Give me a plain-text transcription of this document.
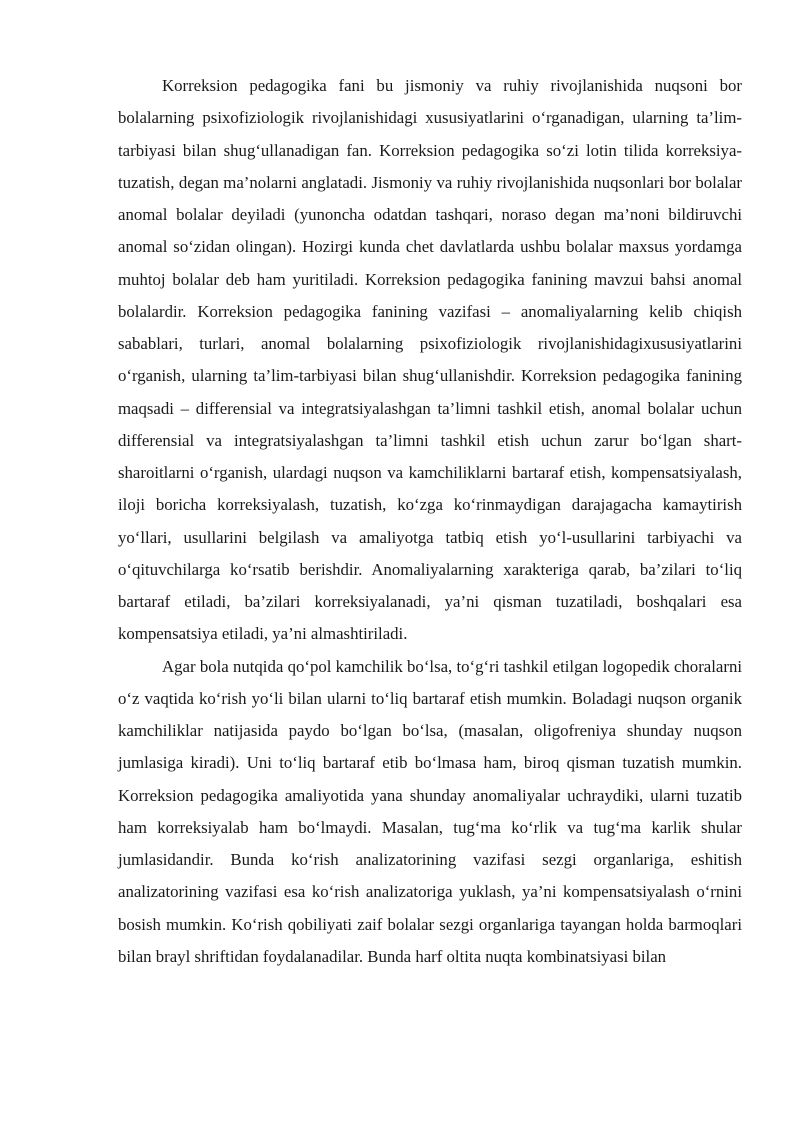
Korreksion pedagogika fani bu jismoniy va ruhiy rivojlanishida nuqsoni bor bolalarning psixofiziologik rivojlanishidagi xususiyatlarini o‘rganadigan, ularning ta’lim-tarbiyasi bilan shug‘ullanadigan fan. Korreksion pedagogika so‘zi lotin tilida korreksiya-tuzatish, degan ma’nolarni anglatadi. Jismoniy va ruhiy rivojlanishida nuqsonlari bor bolalar anomal bolalar deyiladi (yunoncha odatdan tashqari, noraso degan ma’noni bildiruvchi anomal so‘zidan olingan). Hozirgi kunda chet davlatlarda ushbu bolalar maxsus yordamga muhtoj bolalar deb ham yuritiladi. Korreksion pedagogika fanining mavzui bahsi anomal bolalardir. Korreksion pedagogika fanining vazifasi – anomaliyalarning kelib chiqish sabablari, turlari, anomal bolalarning psixofiziologik rivojlanishidagixususiyatlarini o‘rganish, ularning ta’lim-tarbiyasi bilan shug‘ullanishdir. Korreksion pedagogika fanining maqsadi – differensial va integratsiyalashgan ta’limni tashkil etish, anomal bolalar uchun differensial va integratsiyalashgan ta’limni tashkil etish uchun zarur bo‘lgan shart-sharoitlarni o‘rganish, ulardagi nuqson va kamchiliklarni bartaraf etish, kompensatsiyalash, iloji boricha korreksiyalash, tuzatish, ko‘zga ko‘rinmaydigan darajagacha kamaytirish yo‘llari, usullarini belgilash va amaliyotga tatbiq etish yo‘l-usullarini tarbiyachi va o‘qituvchilarga ko‘rsatib berishdir. Anomaliyalarning xarakteriga qarab, ba’zilari to‘liq bartaraf etiladi, ba’zilari korreksiyalanadi, ya’ni qisman tuzatiladi, boshqalari esa kompensatsiya etiladi, ya’ni almashtiriladi.

Agar bola nutqida qo‘pol kamchilik bo‘lsa, to‘g‘ri tashkil etilgan logopedik choralarni o‘z vaqtida ko‘rish yo‘li bilan ularni to‘liq bartaraf etish mumkin. Boladagi nuqson organik kamchiliklar natijasida paydo bo‘lgan bo‘lsa, (masalan, oligofreniya shunday nuqson jumlasiga kiradi). Uni to‘liq bartaraf etib bo‘lmasa ham, biroq qisman tuzatish mumkin. Korreksion pedagogika amaliyotida yana shunday anomaliyalar uchraydiki, ularni tuzatib ham korreksiyalab ham bo‘lmaydi. Masalan, tug‘ma ko‘rlik va tug‘ma karlik shular jumlasidandir. Bunda ko‘rish analizatorining vazifasi sezgi organlariga, eshitish analizatorining vazifasi esa ko‘rish analizatoriga yuklash, ya’ni kompensatsiyalash o‘rnini bosish mumkin. Ko‘rish qobiliyati zaif bolalar sezgi organlariga tayangan holda barmoqlari bilan brayl shriftidan foydalanadilar. Bunda harf oltita nuqta kombinatsiyasi bilan
